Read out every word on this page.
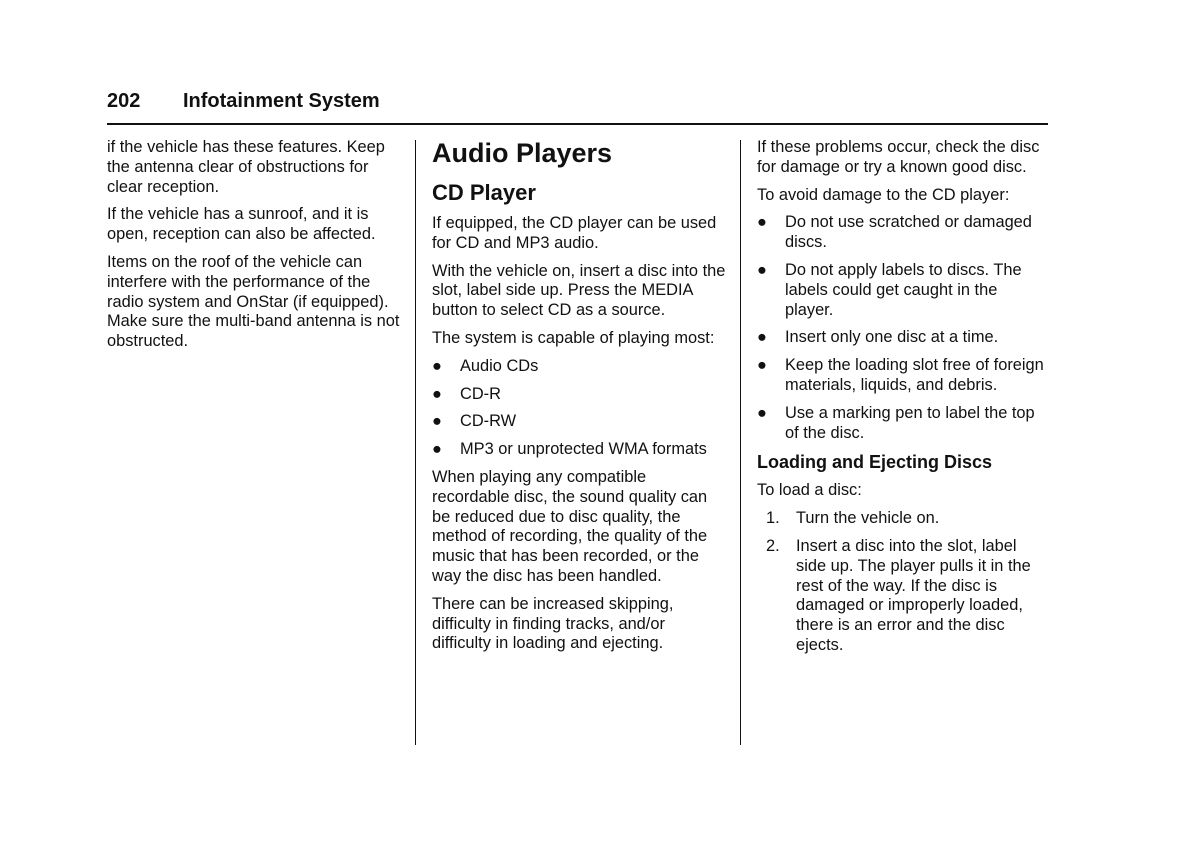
202 Infotainment System

if the vehicle has these features. Keep the antenna clear of obstructions for clear reception.

If the vehicle has a sunroof, and it is open, reception can also be affected.

Items on the roof of the vehicle can interfere with the performance of the radio system and OnStar (if equipped). Make sure the multi-band antenna is not obstructed.

Audio Players
CD Player

If equipped, the CD player can be used for CD and MP3 audio.

With the vehicle on, insert a disc into the slot, label side up. Press the MEDIA button to select CD as a source.

The system is capable of playing most:

● Audio CDs
● CD-R
● CD-RW
● MP3 or unprotected WMA formats

When playing any compatible recordable disc, the sound quality can be reduced due to disc quality, the method of recording, the quality of the music that has been recorded, or the way the disc has been handled.

There can be increased skipping, difficulty in finding tracks, and/or difficulty in loading and ejecting.

If these problems occur, check the disc for damage or try a known good disc.

To avoid damage to the CD player:

● Do not use scratched or damaged discs.
● Do not apply labels to discs. The labels could get caught in the player.
● Insert only one disc at a time.
● Keep the loading slot free of foreign materials, liquids, and debris.
● Use a marking pen to label the top of the disc.
Loading and Ejecting Discs

To load a disc:

1. Turn the vehicle on.
2. Insert a disc into the slot, label side up. The player pulls it in the rest of the way. If the disc is damaged or improperly loaded, there is an error and the disc ejects.
